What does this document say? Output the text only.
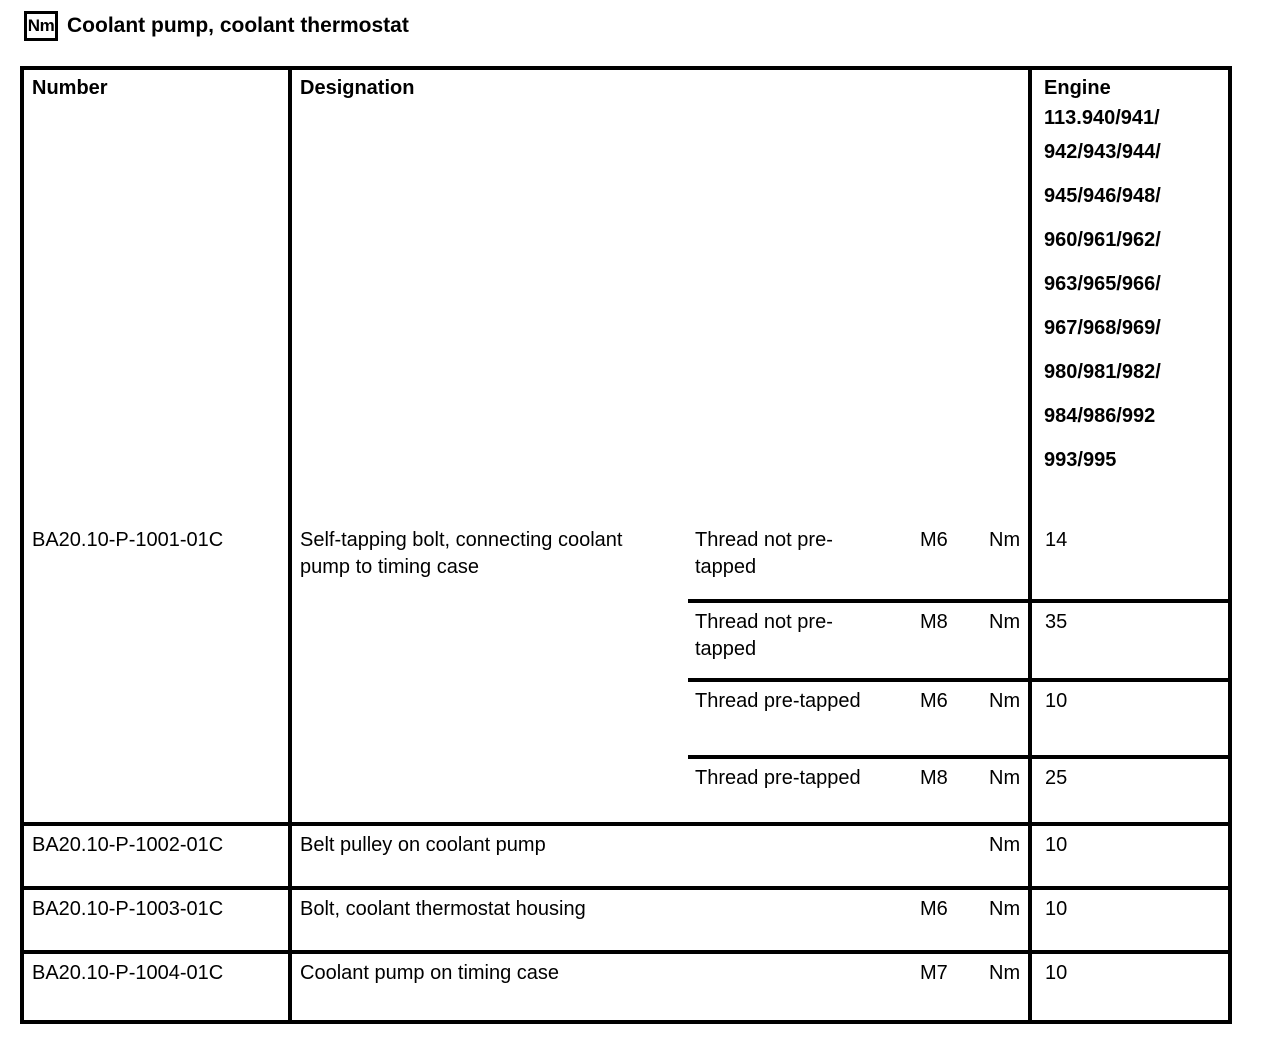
Nm Coolant pump, coolant thermostat
Number	Designation	Engine
113.940/941/
942/943/944/
945/946/948/
960/961/962/
963/965/966/
967/968/969/
980/981/982/
984/986/992
993/995

BA20.10-P-1001-01C	Self-tapping bolt, connecting coolant pump to timing case	Thread not pre-tapped	M6	Nm	14
		Thread not pre-tapped	M8	Nm	35
		Thread pre-tapped	M6	Nm	10
		Thread pre-tapped	M8	Nm	25
BA20.10-P-1002-01C	Belt pulley on coolant pump			Nm	10
BA20.10-P-1003-01C	Bolt, coolant thermostat housing		M6	Nm	10
BA20.10-P-1004-01C	Coolant pump on timing case		M7	Nm	10
